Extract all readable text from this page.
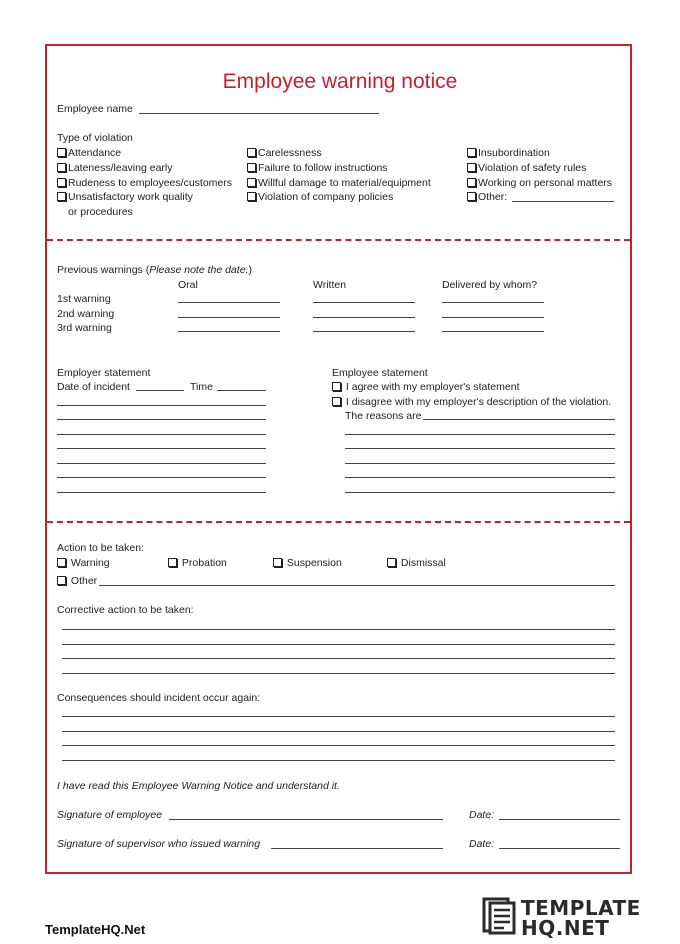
Employee warning notice
Employee name
Type of violation
Attendance
Lateness/leaving early
Rudeness to employees/customers
Unsatisfactory work quality
or procedures
Carelessness
Failure to follow instructions
Willful damage to material/equipment
Violation of company policies
Insubordination
Violation of safety rules
Working on personal matters
Other:
Previous warnings (Please note the date.)
Oral	Written	Delivered by whom?
1st warning
2nd warning
3rd warning
Employer statement
Date of incident	Time
Employee statement
I agree with my employer's statement
I disagree with my employer's description of the violation.
The reasons are
Action to be taken:
Warning	Probation	Suspension	Dismissal
Other
Corrective action to be taken:
Consequences should incident occur again:
I have read this Employee Warning Notice and understand it.
Signature of employee	Date:
Signature of supervisor who issued warning	Date:
TemplateHQ.Net
TEMPLATE
HQ.NET
